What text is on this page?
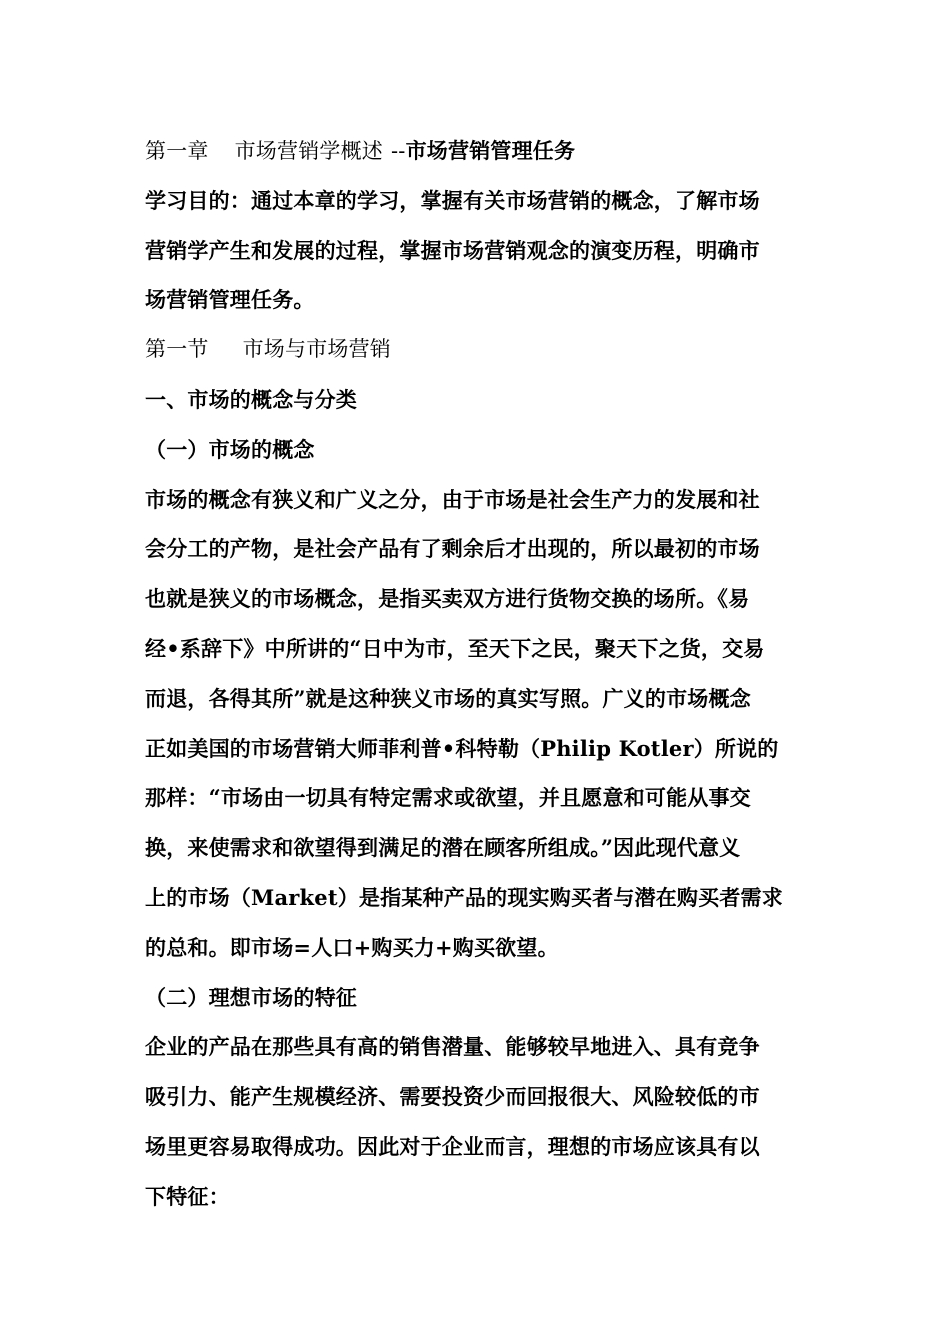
第一章 市场营销学概述 --市场营销管理任务
学习目的：通过本章的学习，掌握有关市场营销的概念，了解市场
营销学产生和发展的过程，掌握市场营销观念的演变历程，明确市
场营销管理任务。
第一节 市场与市场营销
一、市场的概念与分类
（一）市场的概念
市场的概念有狭义和广义之分，由于市场是社会生产力的发展和社
会分工的产物，是社会产品有了剩余后才出现的，所以最初的市场
也就是狭义的市场概念，是指买卖双方进行货物交换的场所。《易
经•系辞下》中所讲的“日中为市，至天下之民，聚天下之货，交易
而退，各得其所”就是这种狭义市场的真实写照。广义的市场概念
正如美国的市场营销大师菲利普•科特勒（Philip Kotler）所说的
那样：“市场由一切具有特定需求或欲望，并且愿意和可能从事交
换，来使需求和欲望得到满足的潜在顾客所组成。”因此现代意义
上的市场（Market）是指某种产品的现实购买者与潜在购买者需求
的总和。即市场=人口+购买力+购买欲望。
（二）理想市场的特征
企业的产品在那些具有高的销售潜量、能够较早地进入、具有竞争
吸引力、能产生规模经济、需要投资少而回报很大、风险较低的市
场里更容易取得成功。因此对于企业而言，理想的市场应该具有以
下特征：
